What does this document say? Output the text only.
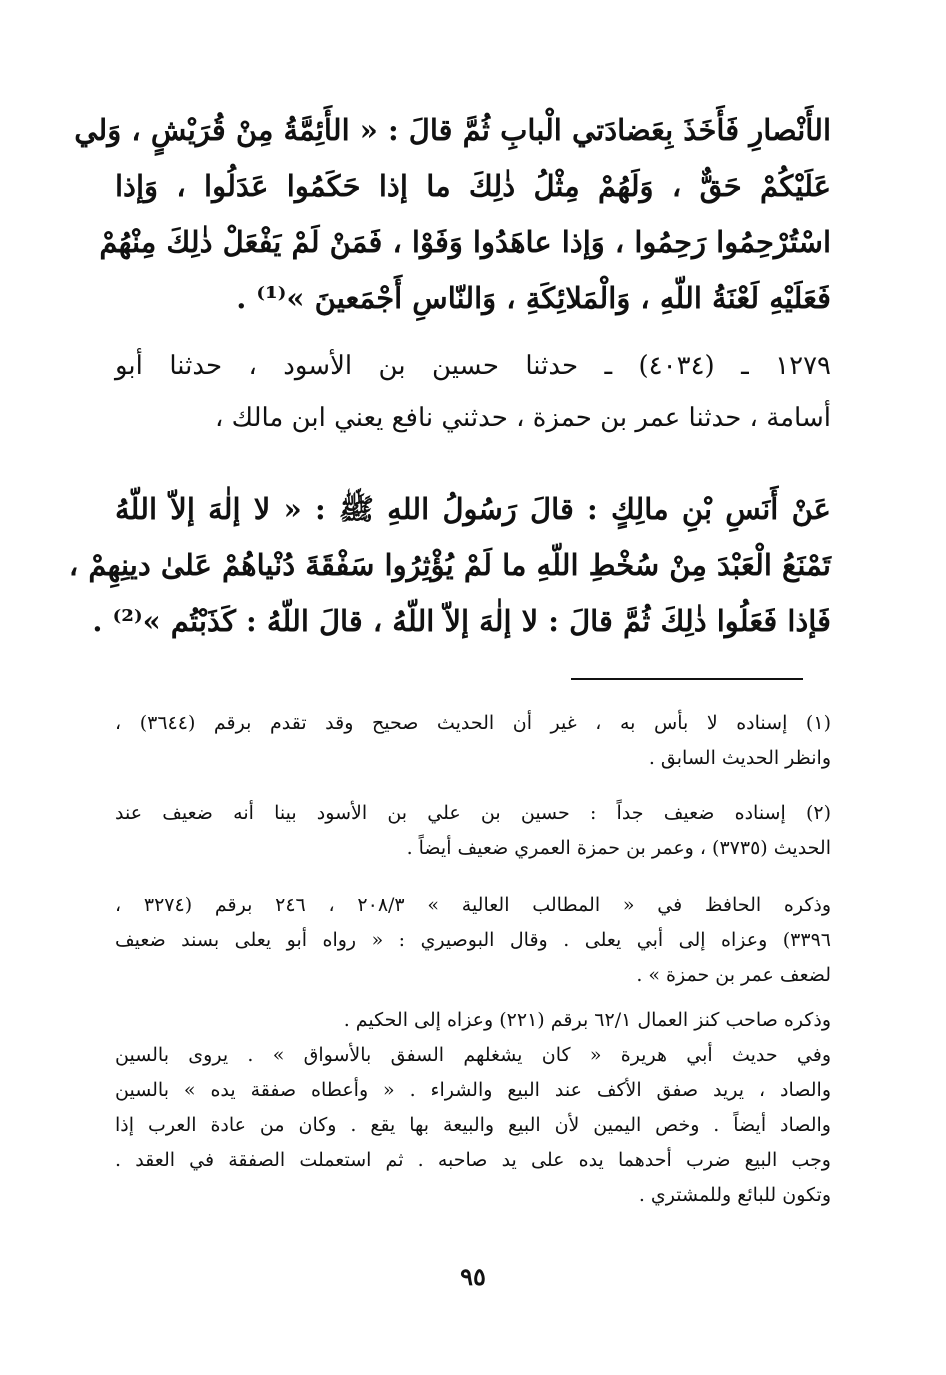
الأَنْصارِ فَأَخَذَ بِعَضادَتي الْبابِ ثُمَّ قالَ : « الأَئِمَّةُ مِنْ قُرَيْشٍ ، وَلي
عَلَيْكُمْ حَقٌّ ، وَلَهُمْ مِثْلُ ذٰلِكَ ما إذا حَكَمُوا عَدَلُوا ، وَإذا
اسْتُرْحِمُوا رَحِمُوا ، وَإذا عاهَدُوا وَفَوْا ، فَمَنْ لَمْ يَفْعَلْ ذٰلِكَ مِنْهُمْ
فَعَلَيْهِ لَعْنَةُ اللّهِ ، وَالْمَلائِكَةِ ، وَالنّاسِ أَجْمَعينَ »⁽¹⁾ .
١٢٧٩ ـ (٤٠٣٤) ـ حدثنا حسين بن الأسود ، حدثنا أبو
أسامة ، حدثنا عمر بن حمزة ، حدثني نافع يعني ابن مالك ،
عَنْ أَنَسِ بْنِ مالِكٍ : قالَ رَسُولُ اللهِ ﷺ : « لا إلٰهَ إلاّ اللّهُ
تَمْنَعُ الْعَبْدَ مِنْ سُخْطِ اللّهِ ما لَمْ يُؤْثِرُوا سَفْقَةَ دُنْياهُمْ عَلىٰ دينِهِمْ ،
فَإذا فَعَلُوا ذٰلِكَ ثُمَّ قالَ : لا إلٰهَ إلاّ اللّهُ ، قالَ اللّهُ : كَذَبْتُم »⁽²⁾ .
(١) إسناده لا بأس به ، غير أن الحديث صحيح وقد تقدم برقم (٣٦٤٤) ،
وانظر الحديث السابق .
(٢) إسناده ضعيف جداً : حسين بن علي بن الأسود بينا أنه ضعيف عند
الحديث (٣٧٣٥) ، وعمر بن حمزة العمري ضعيف أيضاً .
وذكره الحافظ في « المطالب العالية » ٢٠٨/٣ ، ٢٤٦ برقم (٣٢٧٤ ،
٣٣٩٦) وعزاه إلى أبي يعلى . وقال البوصيري : « رواه أبو يعلى بسند ضعيف
لضعف عمر بن حمزة » .
وذكره صاحب كنز العمال ٦٢/١ برقم (٢٢١) وعزاه إلى الحكيم .
وفي حديث أبي هريرة « كان يشغلهم السفق بالأسواق » . يروى بالسين
والصاد ، يريد صفق الأكف عند البيع والشراء . « وأعطاه صفقة يده » بالسين
والصاد أيضاً . وخص اليمين لأن البيع والبيعة بها يقع . وكان من عادة العرب إذا
وجب البيع ضرب أحدهما يده على يد صاحبه . ثم استعملت الصفقة في العقد .
وتكون للبائع وللمشتري .
٩٥
